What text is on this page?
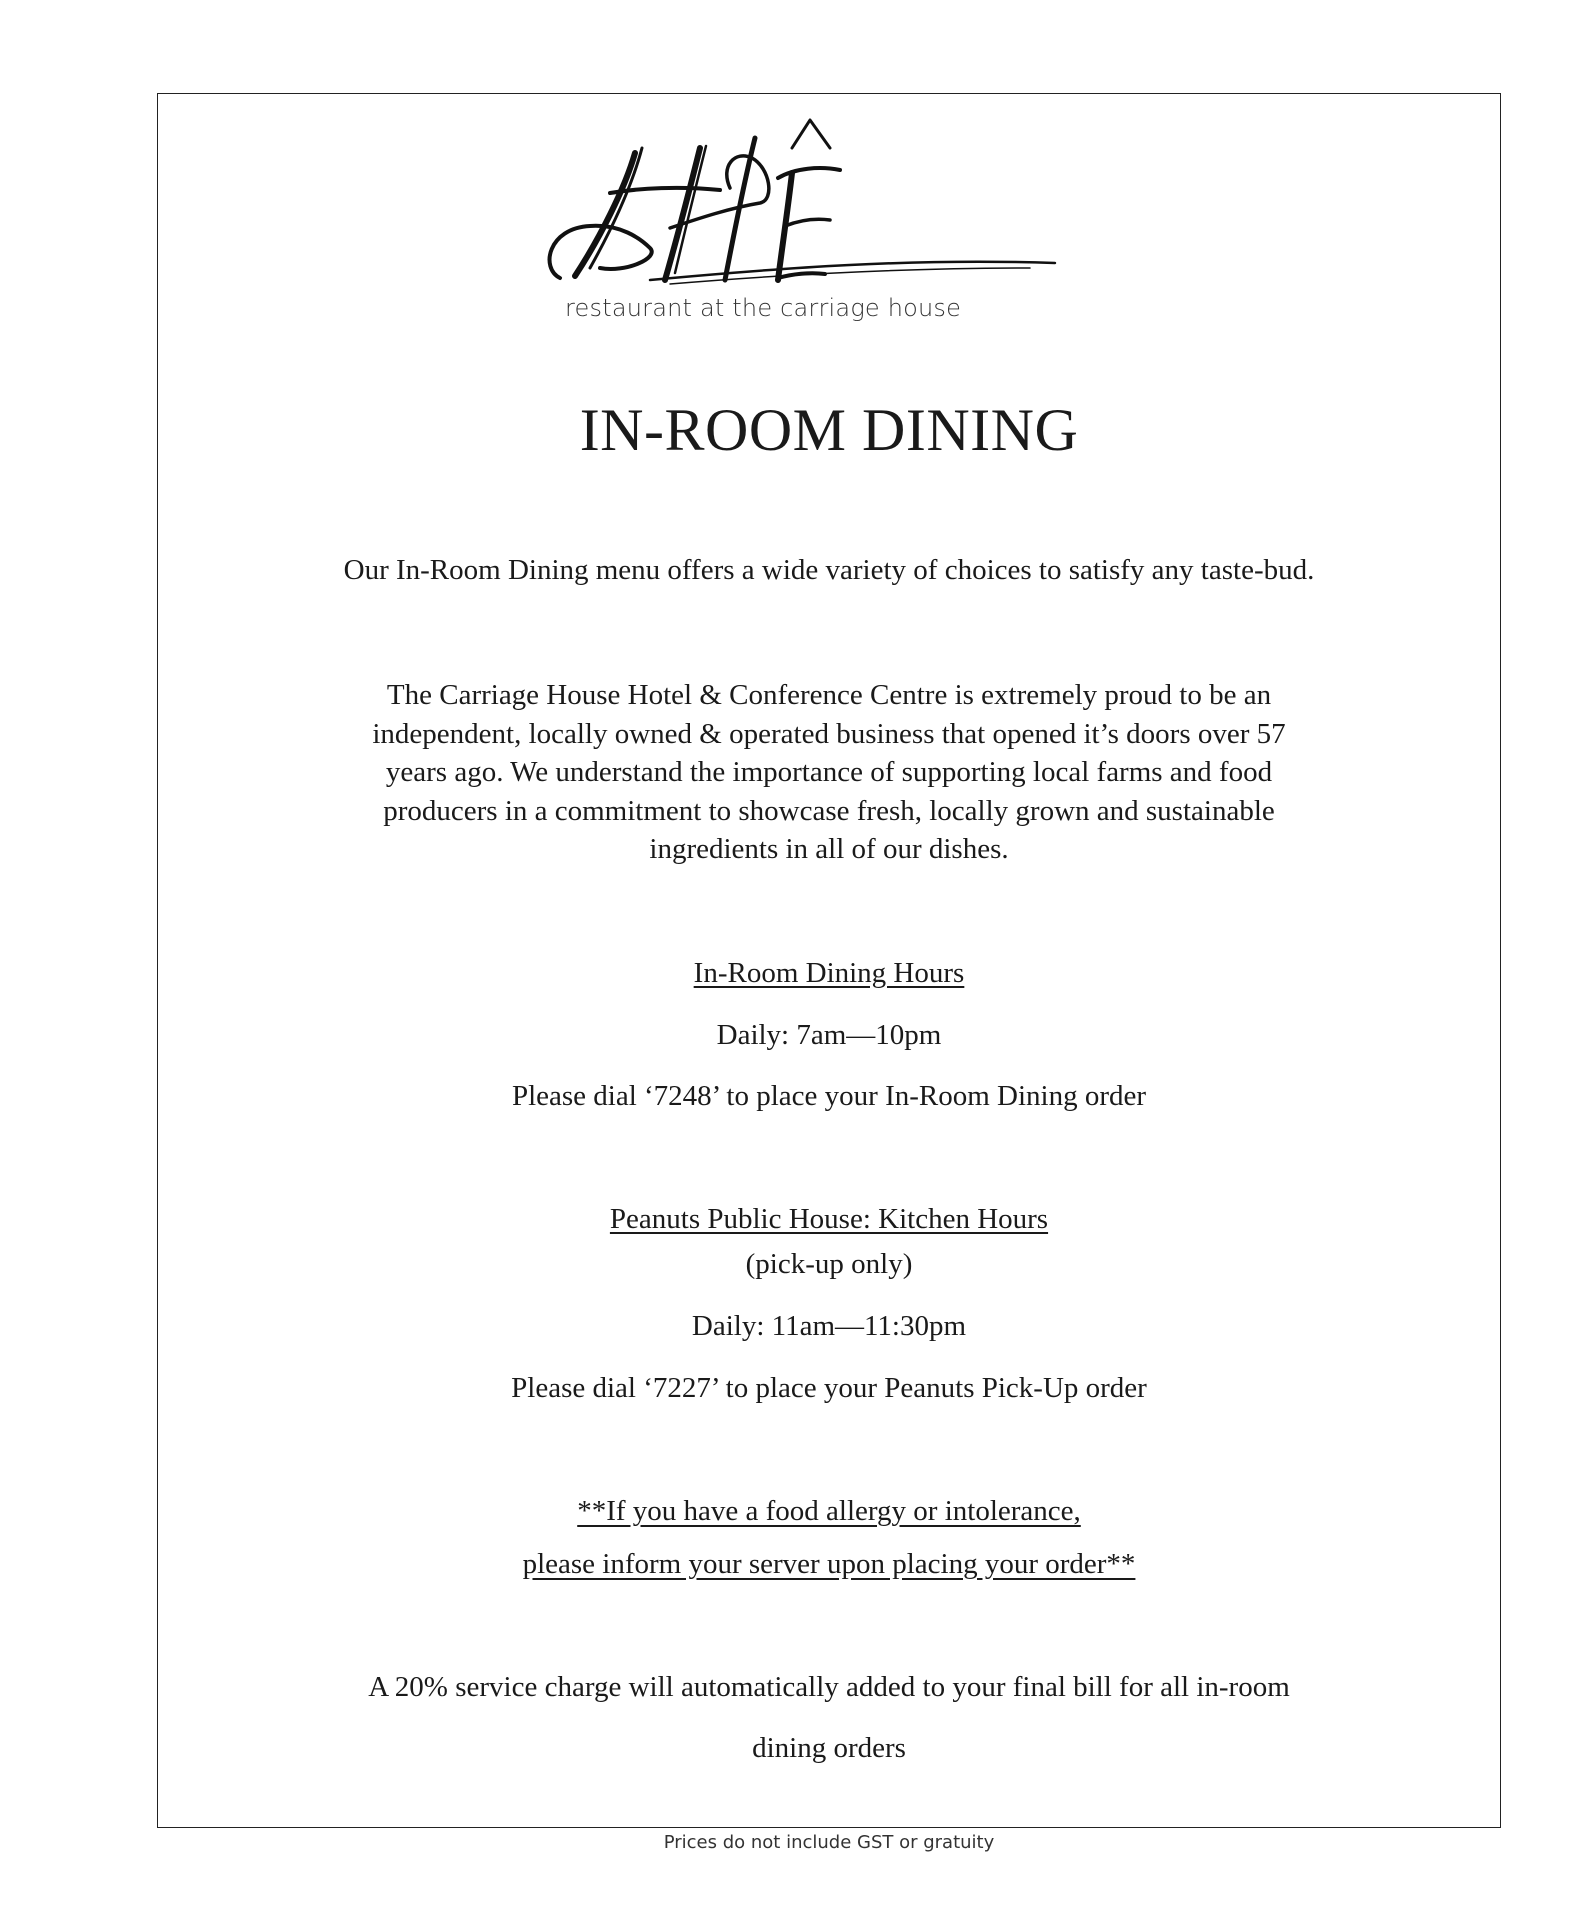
restaurant at the carriage house
IN-ROOM DINING

Our In-Room Dining menu offers a wide variety of choices to satisfy any taste-bud.

The Carriage House Hotel & Conference Centre is extremely proud to be an
independent, locally owned & operated business that opened it’s doors over 57
years ago. We understand the importance of supporting local farms and food
producers in a commitment to showcase fresh, locally grown and sustainable
ingredients in all of our dishes.

In-Room Dining Hours

Daily: 7am—10pm

Please dial ‘7248’ to place your In-Room Dining order

Peanuts Public House: Kitchen Hours

(pick-up only)

Daily: 11am—11:30pm

Please dial ‘7227’ to place your Peanuts Pick-Up order

**If you have a food allergy or intolerance,

please inform your server upon placing your order**

A 20% service charge will automatically added to your final bill for all in-room

dining orders

Prices do not include GST or gratuity
